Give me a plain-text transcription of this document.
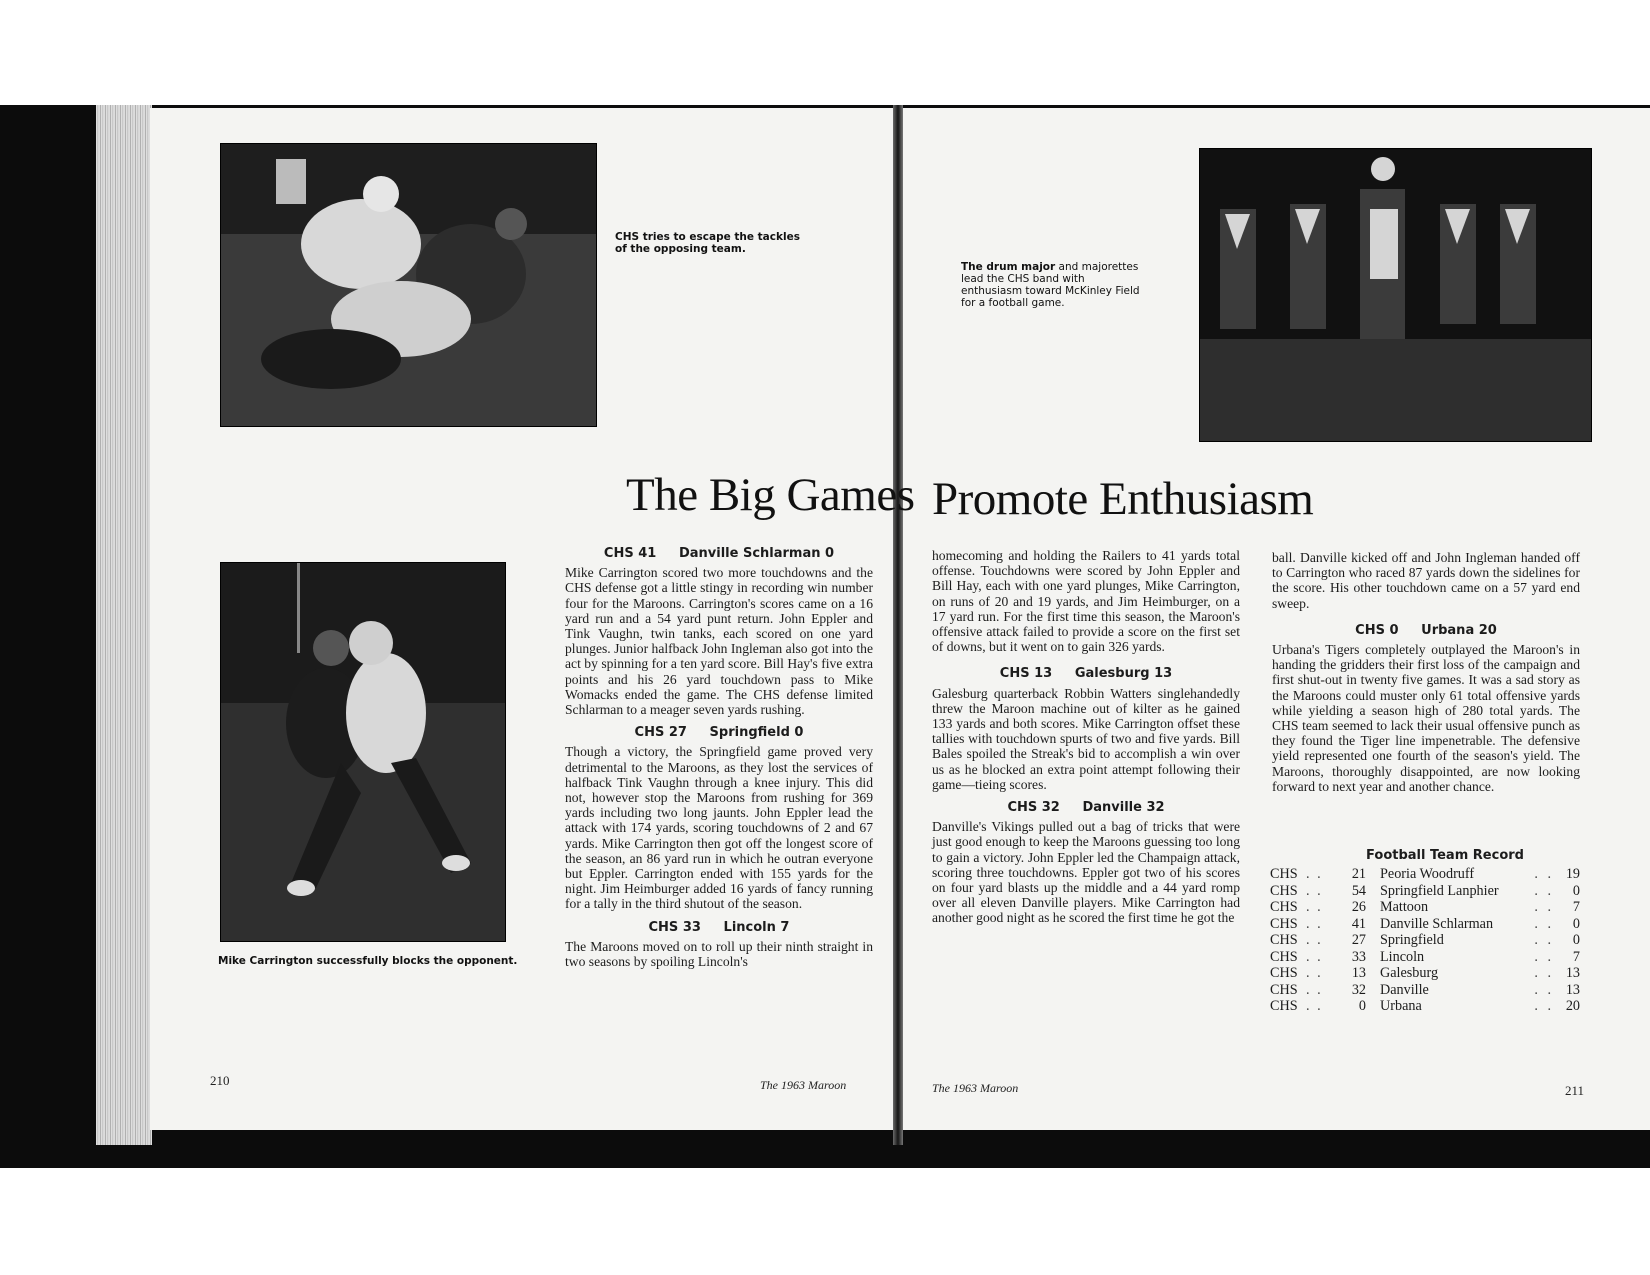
CHS tries to escape the tackles of the opposing team.
The drum major and majorettes lead the CHS band with enthusiasm toward McKinley Field for a football game.
Mike Carrington successfully blocks the opponent.
The Big Games Promote Enthusiasm
CHS 41     Danville Schlarman 0

Mike Carrington scored two more touchdowns and the CHS defense got a little stingy in recording win number four for the Maroons. Carrington's scores came on a 16 yard run and a 54 yard punt return. John Eppler and Tink Vaughn, twin tanks, each scored on one yard plunges. Junior halfback John Ingleman also got into the act by spinning for a ten yard score. Bill Hay's five extra points and his 26 yard touchdown pass to Mike Womacks ended the game. The CHS defense limited Schlarman to a meager seven yards rushing.

CHS 27     Springfield 0

Though a victory, the Springfield game proved very detrimental to the Maroons, as they lost the services of halfback Tink Vaughn through a knee injury. This did not, however stop the Maroons from rushing for 369 yards including two long jaunts. John Eppler lead the attack with 174 yards, scoring touchdowns of 2 and 67 yards. Mike Carrington then got off the longest score of the season, an 86 yard run in which he outran everyone but Eppler. Carrington ended with 155 yards for the night. Jim Heimburger added 16 yards of fancy running for a tally in the third shutout of the season.

CHS 33     Lincoln 7

The Maroons moved on to roll up their ninth straight in two seasons by spoiling Lincoln's

homecoming and holding the Railers to 41 yards total offense. Touchdowns were scored by John Eppler and Bill Hay, each with one yard plunges, Mike Carrington, on runs of 20 and 19 yards, and Jim Heimburger, on a 17 yard run. For the first time this season, the Maroon's offensive attack failed to provide a score on the first set of downs, but it went on to gain 326 yards.

CHS 13     Galesburg 13

Galesburg quarterback Robbin Watters singlehandedly threw the Maroon machine out of kilter as he gained 133 yards and both scores. Mike Carrington offset these tallies with touchdown spurts of two and five yards. Bill Bales spoiled the Streak's bid to accomplish a win over us as he blocked an extra point attempt following their game—tieing scores.

CHS 32     Danville 32

Danville's Vikings pulled out a bag of tricks that were just good enough to keep the Maroons guessing too long to gain a victory. John Eppler led the Champaign attack, scoring three touchdowns. Eppler got two of his scores on four yard blasts up the middle and a 44 yard romp over all eleven Danville players. Mike Carrington had another good night as he scored the first time he got the

ball. Danville kicked off and John Ingleman handed off to Carrington who raced 87 yards down the sidelines for the score. His other touchdown came on a 57 yard end sweep.

CHS 0     Urbana 20

Urbana's Tigers completely outplayed the Maroon's in handing the gridders their first loss of the campaign and first shut-out in twenty five games. It was a sad story as the Maroons could muster only 61 total offensive yards while yielding a season high of 280 total yards. The CHS team seemed to lack their usual offensive punch as they found the Tiger line impenetrable. The defensive yield represented one fourth of the season's yield. The Maroons, thoroughly disappointed, are now looking forward to next year and another chance.

Football Team Record
CHS . .	21 Peoria Woodruff	. . 19
CHS . .	54 Springfield Lanphier	. .	0
CHS . .	26 Mattoon	. .	7
CHS . .	41 Danville Schlarman	. .	0
CHS . .	27 Springfield	. .	0
CHS . .	33 Lincoln	. .	7
CHS . .	13 Galesburg	. . 13
CHS . .	32 Danville	. . 13
CHS . .	0 Urbana	. . 20
210	The 1963 Maroon	The 1963 Maroon	211
